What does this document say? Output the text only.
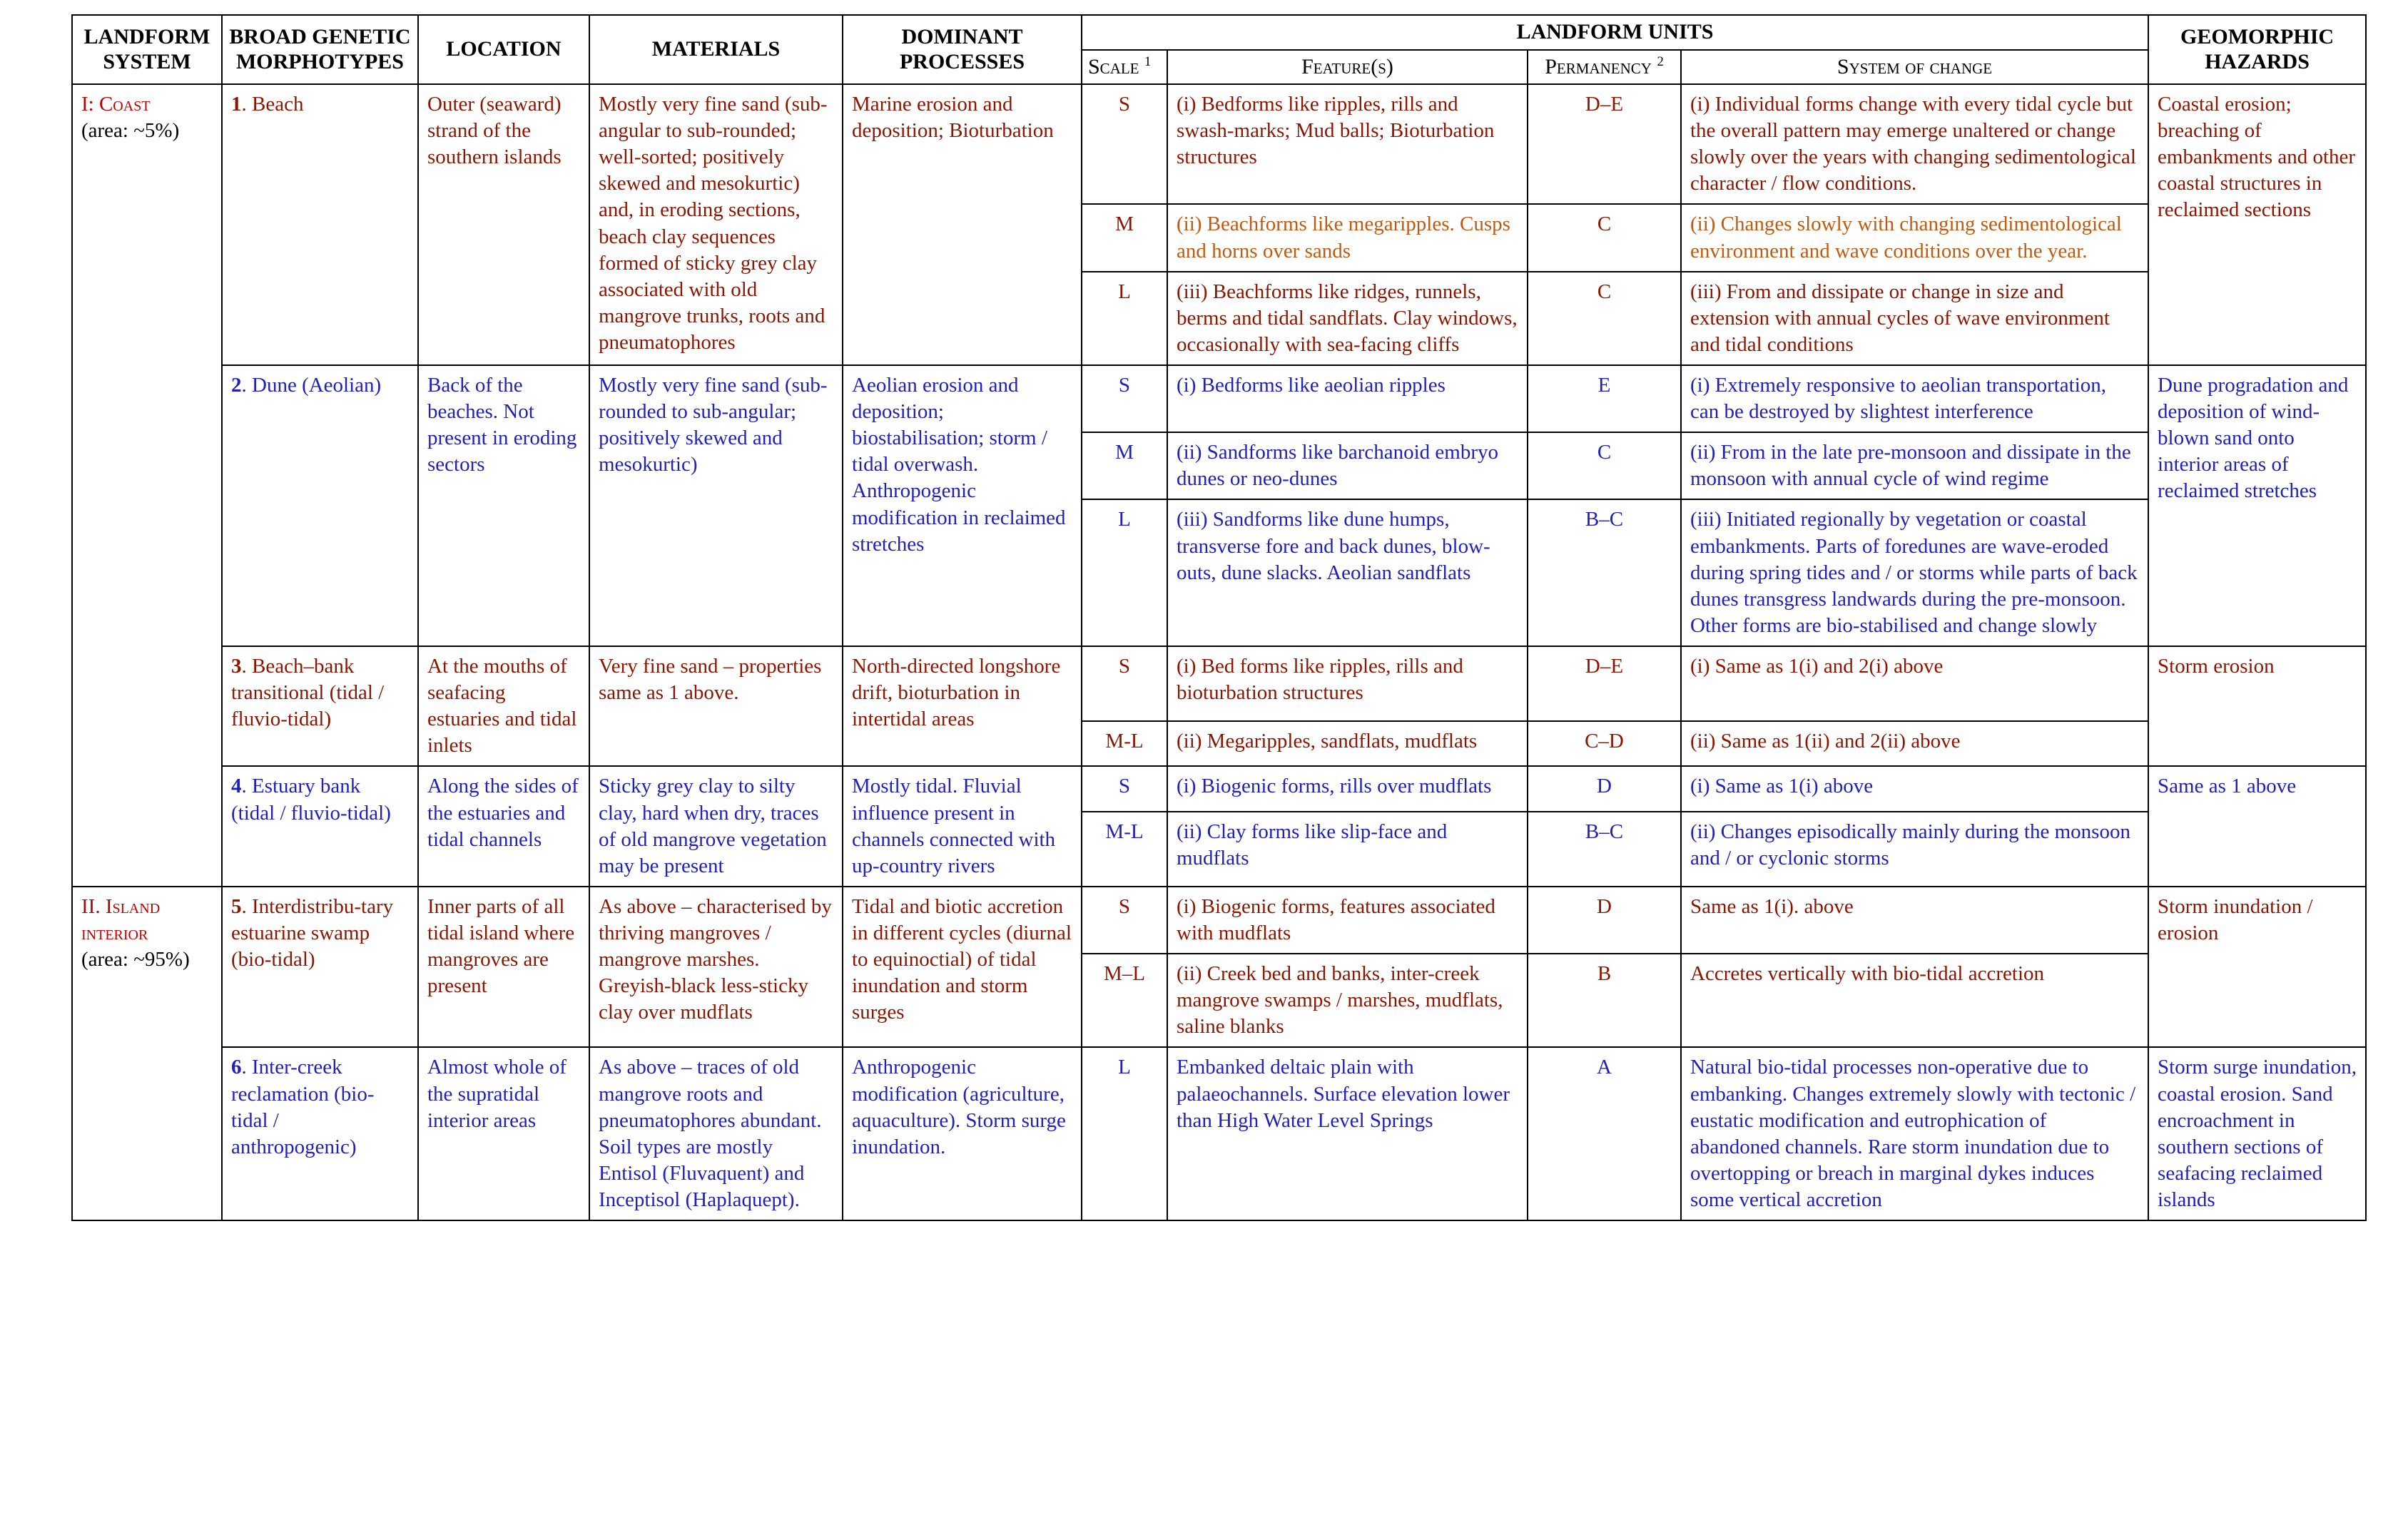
LANDFORM SYSTEM	BROAD GENETIC MORPHOTYPES	LOCATION	MATERIALS	DOMINANT PROCESSES	LANDFORM UNITS				GEOMORPHIC HAZARDS
					Scale $^1$	Feature(s)	Permanency $^2$	System of change	

I: Coast
(area: ~5%)	1. Beach	Outer (seaward) strand of the southern islands	Mostly very fine sand (sub-angular to sub-rounded; well-sorted; positively skewed and mesokurtic) and, in eroding sections, beach clay sequences formed of sticky grey clay associated with old mangrove trunks, roots and pneumatophores	Marine erosion and deposition; Bioturbation	S	(i) Bedforms like ripples, rills and swash-marks; Mud balls; Bioturbation structures	D–E	(i) Individual forms change with every tidal cycle but the overall pattern may emerge unaltered or change slowly over the years with changing sedimentological character / flow conditions.	Coastal erosion; breaching of embankments and other coastal structures in reclaimed sections
					M	(ii) Beachforms like megaripples. Cusps and horns over sands	C	(ii) Changes slowly with changing sedimentological environment and wave conditions over the year.	
					L	(iii) Beachforms like ridges, runnels, berms and tidal sandflats. Clay windows, occasionally with sea-facing cliffs	C	(iii) From and dissipate or change in size and extension with annual cycles of wave environment and tidal conditions	
	2. Dune (Aeolian)	Back of the beaches. Not present in eroding sectors	Mostly very fine sand (sub-rounded to sub-angular; positively skewed and mesokurtic)	Aeolian erosion and deposition; biostabilisation; storm / tidal overwash. Anthropogenic modification in reclaimed stretches	S	(i) Bedforms like aeolian ripples	E	(i) Extremely responsive to aeolian transportation, can be destroyed by slightest interference	Dune progradation and deposition of wind-blown sand onto interior areas of reclaimed stretches
					M	(ii) Sandforms like barchanoid embryo dunes or neo-dunes	C	(ii) From in the late pre-monsoon and dissipate in the monsoon with annual cycle of wind regime	
					L	(iii) Sandforms like dune humps, transverse fore and back dunes, blow-outs, dune slacks. Aeolian sandflats	B–C	(iii) Initiated regionally by vegetation or coastal embankments. Parts of foredunes are wave-eroded during spring tides and / or storms while parts of back dunes transgress landwards during the pre-monsoon. Other forms are bio-stabilised and change slowly	
	3. Beach–bank transitional (tidal / fluvio-tidal)	At the mouths of seafacing estuaries and tidal inlets	Very fine sand – properties same as 1 above.	North-directed longshore drift, bioturbation in intertidal areas	S	(i) Bed forms like ripples, rills and bioturbation structures	D–E	(i) Same as 1(i) and 2(i) above	Storm erosion
					M-L	(ii) Megaripples, sandflats, mudflats	C–D	(ii) Same as 1(ii) and 2(ii) above	
	4. Estuary bank (tidal / fluvio-tidal)	Along the sides of the estuaries and tidal channels	Sticky grey clay to silty clay, hard when dry, traces of old mangrove vegetation may be present	Mostly tidal. Fluvial influence present in channels connected with up-country rivers	S	(i) Biogenic forms, rills over mudflats	D	(i) Same as 1(i) above	Same as 1 above
					M-L	(ii) Clay forms like slip-face and mudflats	B–C	(ii) Changes episodically mainly during the monsoon and / or cyclonic storms	

II. Island interior
(area: ~95%)	5. Interdistribu-tary estuarine swamp (bio-tidal)	Inner parts of all tidal island where mangroves are present	As above – characterised by thriving mangroves / mangrove marshes. Greyish-black less-sticky clay over mudflats	Tidal and biotic accretion in different cycles (diurnal to equinoctial) of tidal inundation and storm surges	S	(i) Biogenic forms, features associated with mudflats	D	Same as 1(i). above	Storm inundation / erosion
					M–L	(ii) Creek bed and banks, inter-creek mangrove swamps / marshes, mudflats, saline blanks	B	Accretes vertically with bio-tidal accretion	
	6. Inter-creek reclamation (bio-tidal / anthropogenic)	Almost whole of the supratidal interior areas	As above – traces of old mangrove roots and pneumatophores abundant. Soil types are mostly Entisol (Fluvaquent) and Inceptisol (Haplaquept).	Anthropogenic modification (agriculture, aquaculture). Storm surge inundation.	L	Embanked deltaic plain with palaeochannels. Surface elevation lower than High Water Level Springs	A	Natural bio-tidal processes non-operative due to embanking. Changes extremely slowly with tectonic / eustatic modification and eutrophication of abandoned channels. Rare storm inundation due to overtopping or breach in marginal dykes induces some vertical accretion	Storm surge inundation, coastal erosion. Sand encroachment in southern sections of seafacing reclaimed islands
